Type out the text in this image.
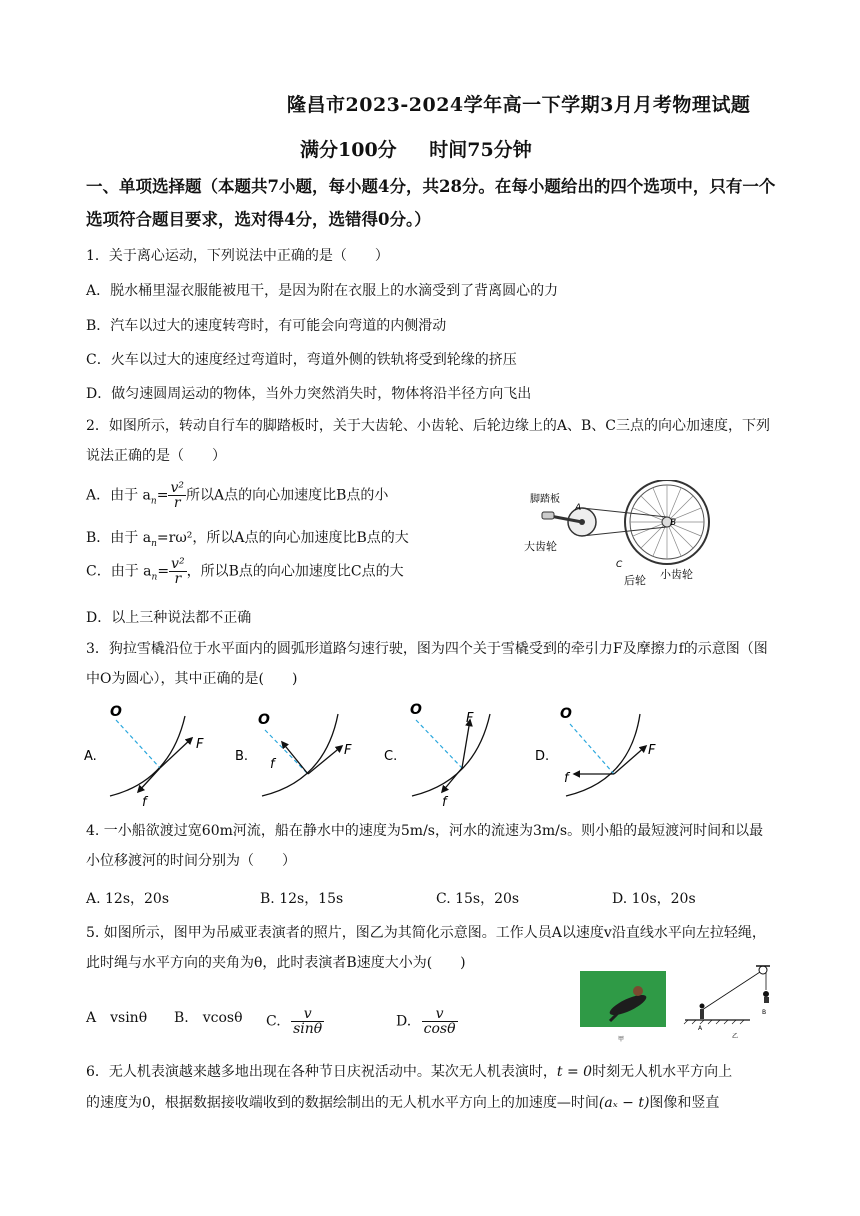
隆昌市2023-2024学年高一下学期3月月考物理试题
满分100分 时间75分钟
一、单项选择题（本题共7小题，每小题4分，共28分。在每小题给出的四个选项中，只有一个选项符合题目要求，选对得4分，选错得0分。）
1．关于离心运动，下列说法中正确的是（　　）
A．脱水桶里湿衣服能被甩干，是因为附在衣服上的水滴受到了背离圆心的力
B．汽车以过大的速度转弯时，有可能会向弯道的内侧滑动
C．火车以过大的速度经过弯道时，弯道外侧的铁轨将受到轮缘的挤压
D．做匀速圆周运动的物体，当外力突然消失时，物体将沿半径方向飞出
2．如图所示，转动自行车的脚踏板时，关于大齿轮、小齿轮、后轮边缘上的A、B、C三点的向心加速度，下列说法正确的是（　　）
A．由于 $a_n= \frac{\text{v²}}{r}$ 所以A点的向心加速度比B点的小
B．由于 $a_n=r\omega^2$，所以A点的向心加速度比B点的大
C．由于 $a_n= \frac{\text{v²}}{r}$ ，所以B点的向心加速度比C点的大
D．以上三种说法都不正确
脚踏板
大齿轮
后轮 小齿轮
A
B
C
3．狗拉雪橇沿位于水平面内的圆弧形道路匀速行驶，图为四个关于雪橇受到的牵引力F及摩擦力f的示意图（图中O为圆心），其中正确的是(　　)
A.
O
F
f
B.
O
F
f
C.
O
F
f
D.
O
F
f
4. 一小船欲渡过宽60m河流，船在静水中的速度为5m/s，河水的流速为3m/s。则小船的最短渡河时间和以最小位移渡河的时间分别为（　　）
A. 12s，20s	B. 12s，15s	C. 15s，20s	D. 10s，20s
5. 如图所示，图甲为吊威亚表演者的照片，图乙为其简化示意图。工作人员A以速度v沿直线水平向左拉轻绳，此时绳与水平方向的夹角为θ，此时表演者B速度大小为(　　)
A　vsinθ B.　vcosθ C. $\frac{v}{\sin\theta}$	D. $\frac{v}{\cos\theta}$
甲
A
B
乙
6．无人机表演越来越多地出现在各种节日庆祝活动中。某次无人机表演时，t = 0时刻无人机水平方向上
的速度为0，根据数据接收端收到的数据绘制出的无人机水平方向上的加速度—时间(aₓ − t)图像和竖直
